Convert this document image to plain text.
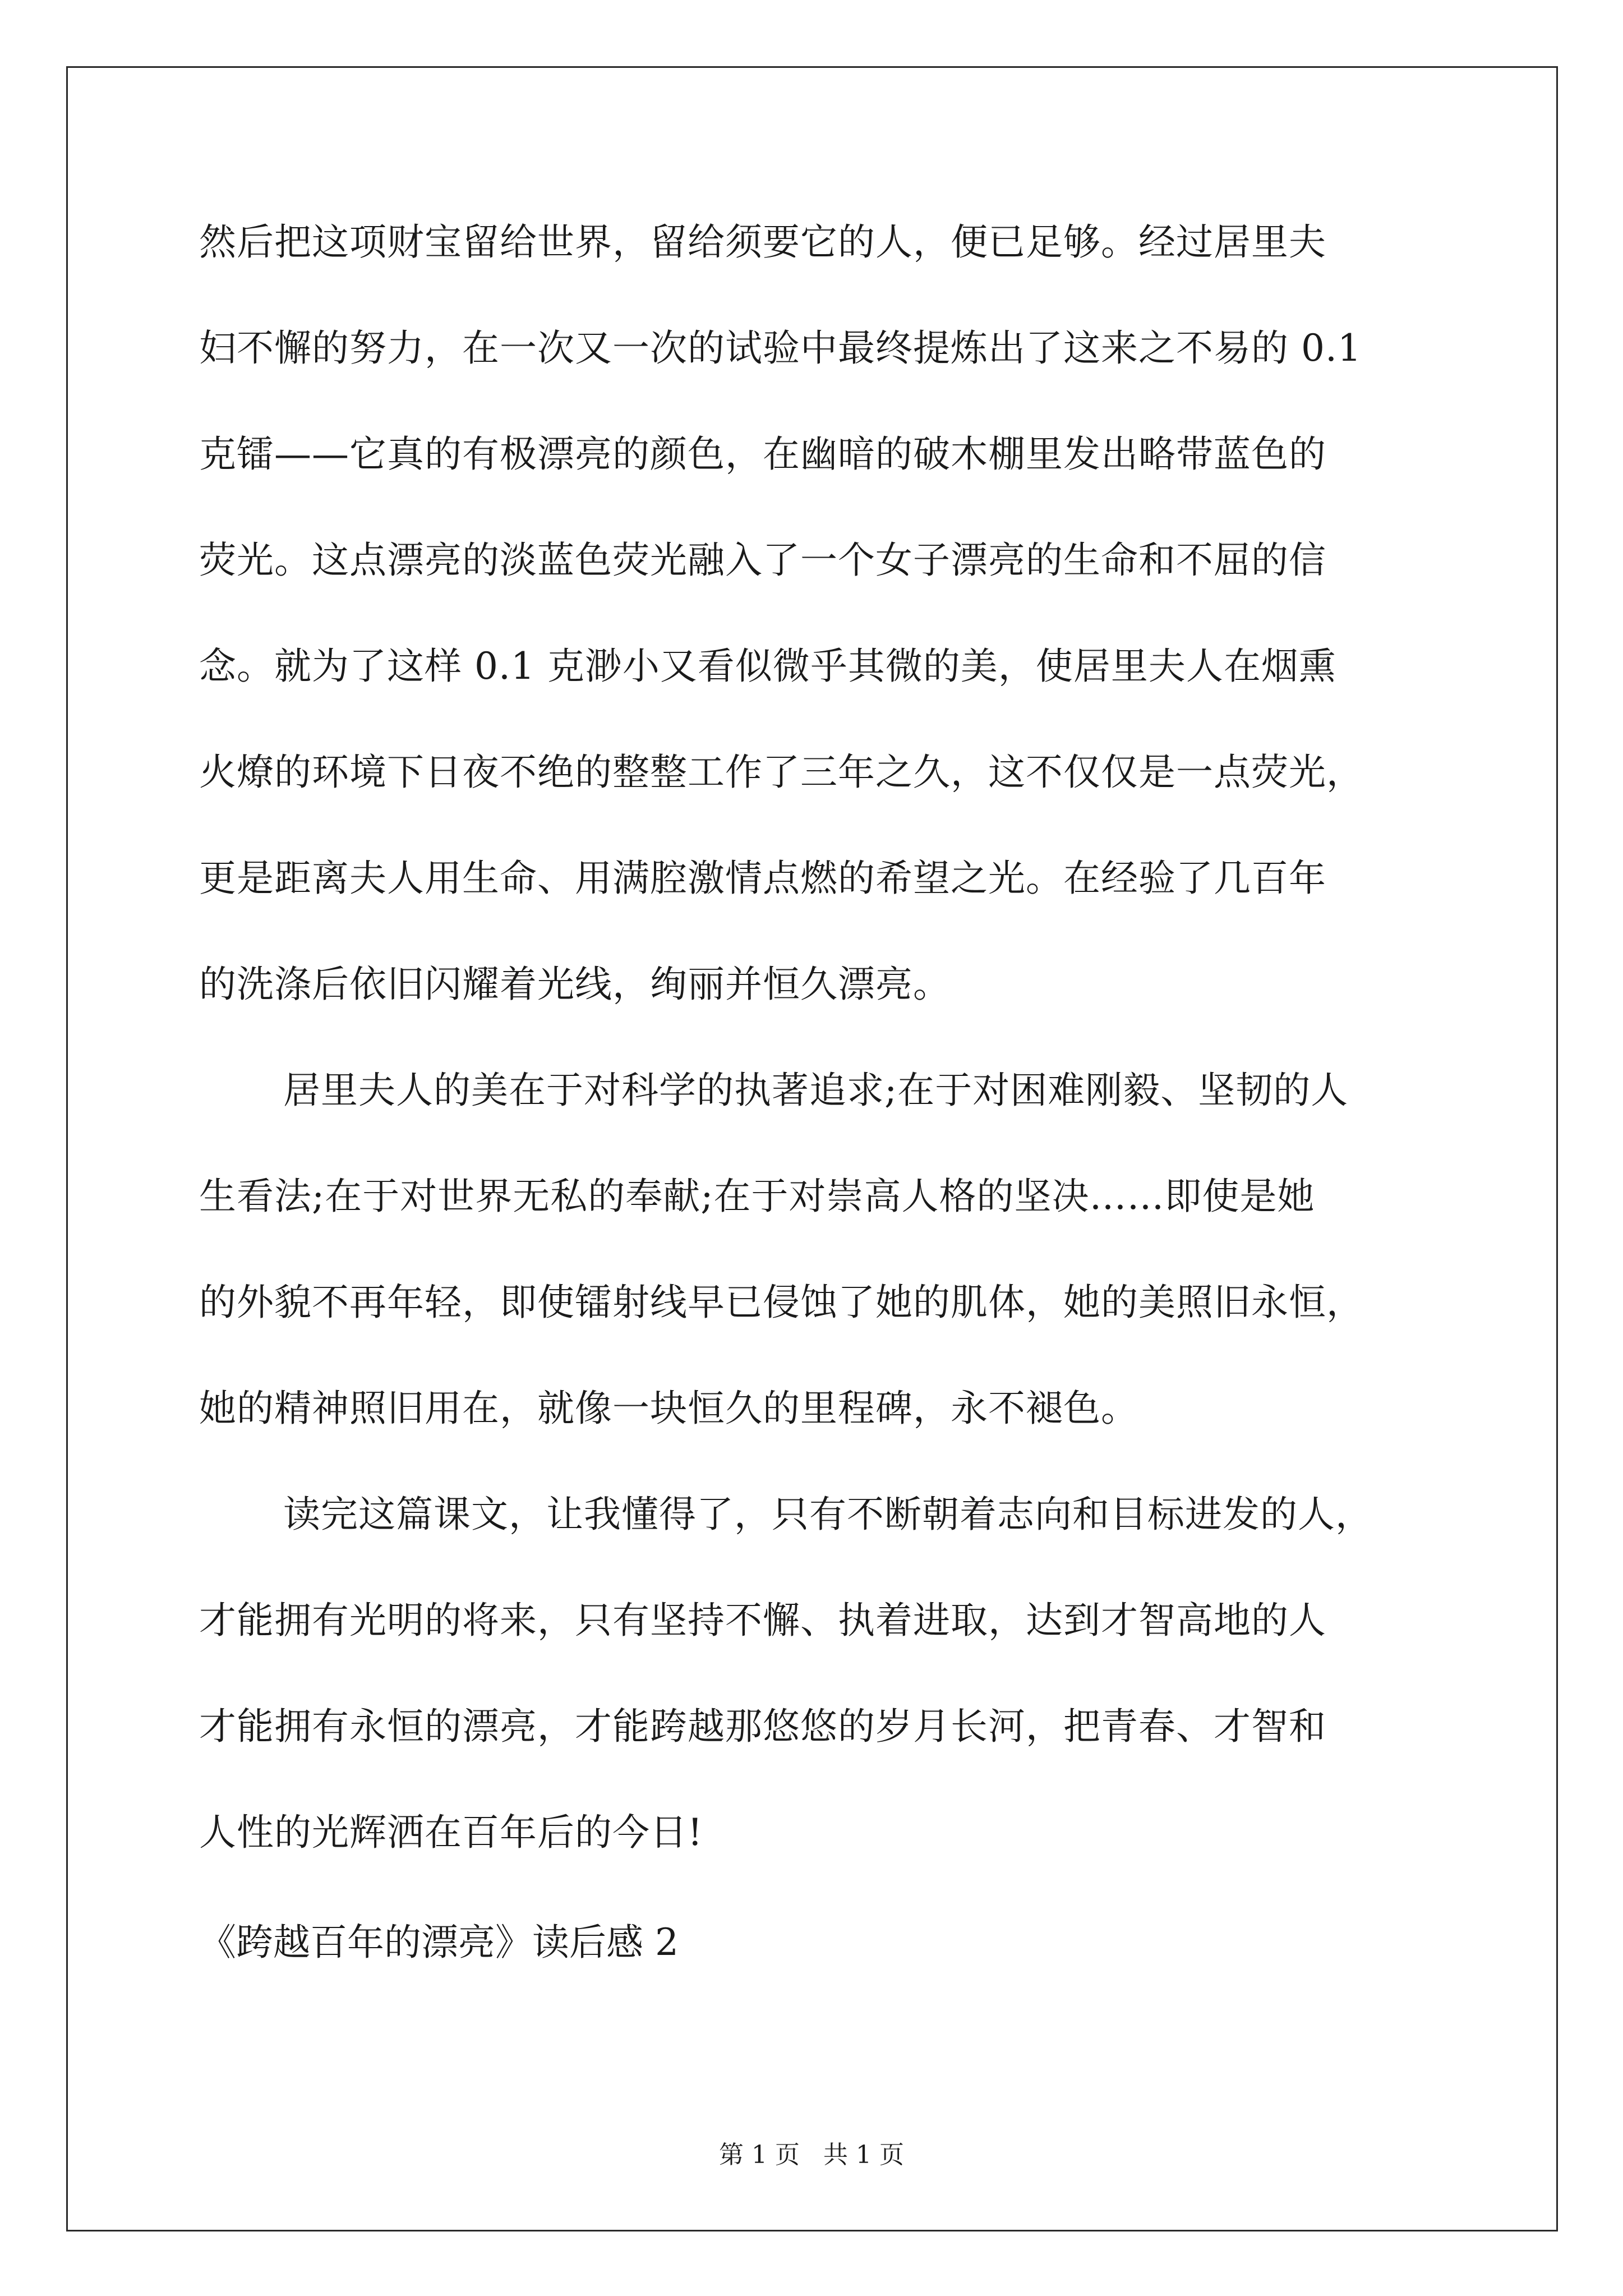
然后把这项财宝留给世界，留给须要它的人，便已足够。经过居里夫
妇不懈的努力，在一次又一次的试验中最终提炼出了这来之不易的 0.1
克镭——它真的有极漂亮的颜色，在幽暗的破木棚里发出略带蓝色的
荧光。这点漂亮的淡蓝色荧光融入了一个女子漂亮的生命和不屈的信
念。就为了这样 0.1 克渺小又看似微乎其微的美，使居里夫人在烟熏
火燎的环境下日夜不绝的整整工作了三年之久，这不仅仅是一点荧光，
更是距离夫人用生命、用满腔激情点燃的希望之光。在经验了几百年
的洗涤后依旧闪耀着光线，绚丽并恒久漂亮。
居里夫人的美在于对科学的执著追求;在于对困难刚毅、坚韧的人
生看法;在于对世界无私的奉献;在于对崇高人格的坚决……即使是她
的外貌不再年轻，即使镭射线早已侵蚀了她的肌体，她的美照旧永恒，
她的精神照旧用在，就像一块恒久的里程碑，永不褪色。
读完这篇课文，让我懂得了，只有不断朝着志向和目标进发的人，
才能拥有光明的将来，只有坚持不懈、执着进取，达到才智高地的人
才能拥有永恒的漂亮，才能跨越那悠悠的岁月长河，把青春、才智和
人性的光辉洒在百年后的今日!
《跨越百年的漂亮》读后感 2
第 1 页   共 1 页
